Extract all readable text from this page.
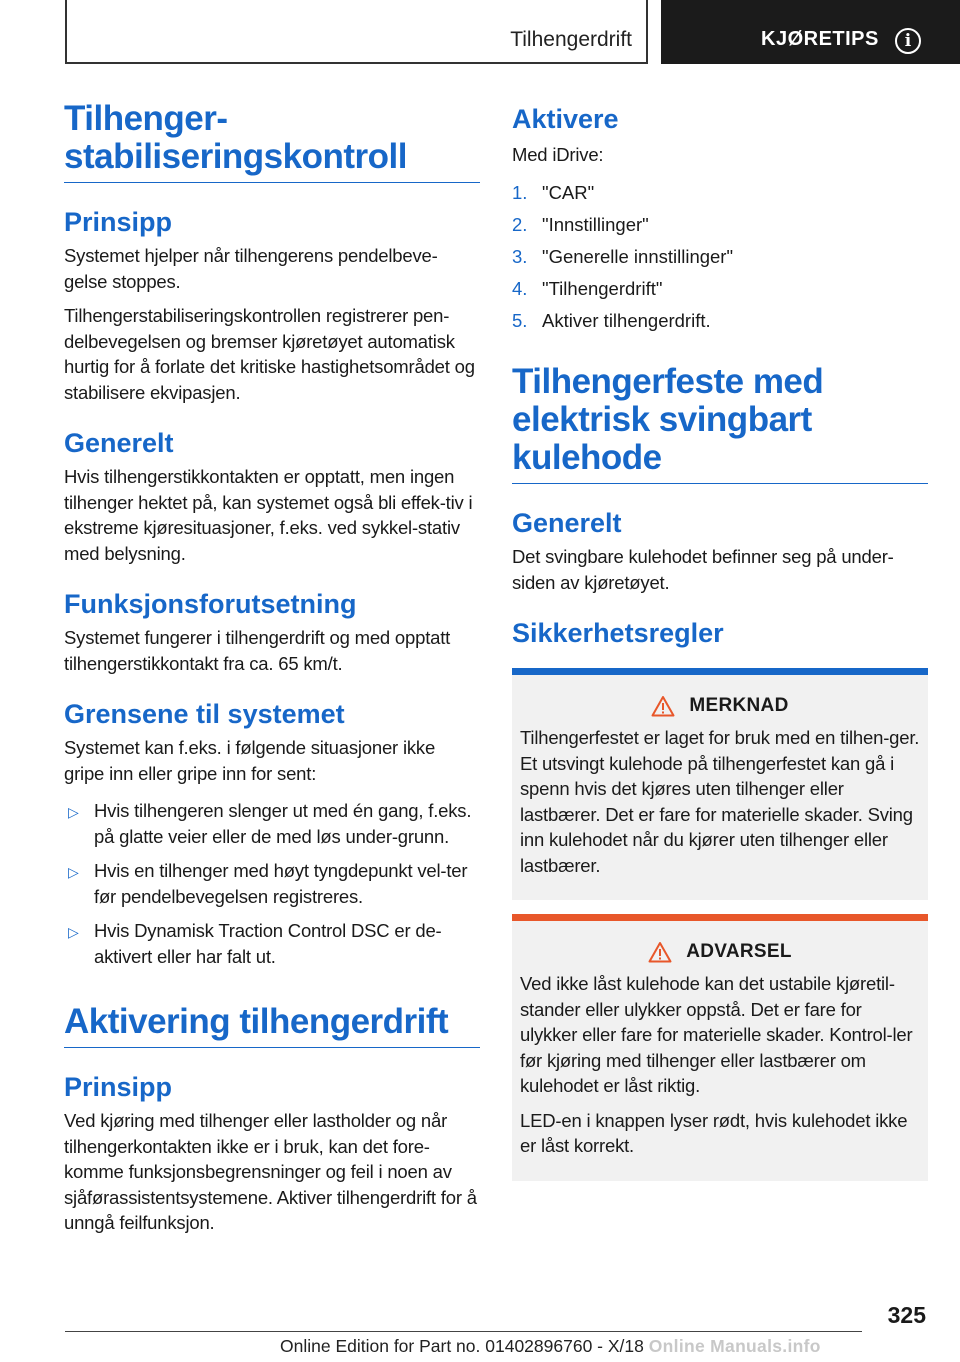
Tilhengerdrift	KJØRETIPS	i
Tilhenger-
stabiliseringskontroll
Prinsipp

Systemet hjelper når tilhengerens pendelbeve-gelse stoppes.

Tilhengerstabiliseringskontrollen registrerer pen-delbevegelsen og bremser kjøretøyet automatisk hurtig for å forlate det kritiske hastighetsområdet og stabilisere ekvipasjen.

Generelt

Hvis tilhengerstikkontakten er opptatt, men ingen tilhenger hektet på, kan systemet også bli effek-tiv i ekstreme kjøresituasjoner, f.eks. ved sykkel-stativ med belysning.

Funksjonsforutsetning

Systemet fungerer i tilhengerdrift og med opptatt tilhengerstikkontakt fra ca. 65 km/t.

Grensene til systemet

Systemet kan f.eks. i følgende situasjoner ikke gripe inn eller gripe inn for sent:

▷ Hvis tilhengeren slenger ut med én gang, f.eks. på glatte veier eller de med løs under-grunn.
▷ Hvis en tilhenger med høyt tyngdepunkt vel-ter før pendelbevegelsen registreres.
▷ Hvis Dynamisk Traction Control DSC er de-aktivert eller har falt ut.
Aktivering tilhengerdrift
Prinsipp

Ved kjøring med tilhenger eller lastholder og når tilhengerkontakten ikke er i bruk, kan det fore-komme funksjonsbegrensninger og feil i noen av sjåførassistentsystemene. Aktiver tilhengerdrift for å unngå feilfunksjon.

Aktivere

Med iDrive:

1. "CAR"
2. "Innstillinger"
3. "Generelle innstillinger"
4. "Tilhengerdrift"
5. Aktiver tilhengerdrift.
Tilhengerfeste med elektrisk svingbart kulehode
Generelt

Det svingbare kulehodet befinner seg på under-siden av kjøretøyet.

Sikkerhetsregler
MERKNAD

Tilhengerfestet er laget for bruk med en tilhen-ger. Et utsvingt kulehode på tilhengerfestet kan gå i spenn hvis det kjøres uten tilhenger eller lastbærer. Det er fare for materielle skader. Sving inn kulehodet når du kjører uten tilhenger eller lastbærer.

ADVARSEL

Ved ikke låst kulehode kan det ustabile kjøretil-stander eller ulykker oppstå. Det er fare for ulykker eller fare for materielle skader. Kontrol-ler før kjøring med tilhenger eller lastbærer om kulehodet er låst riktig.

LED-en i knappen lyser rødt, hvis kulehodet ikke er låst korrekt.

325
Online Edition for Part no. 01402896760 - X/18 Online Manuals.info
